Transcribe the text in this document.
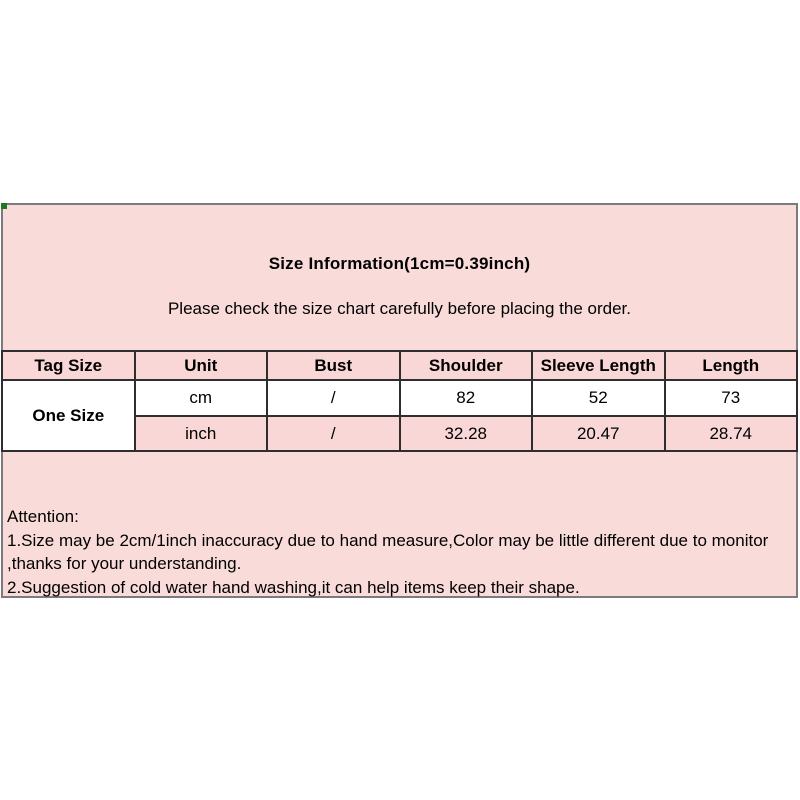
Size Information(1cm=0.39inch)
Please check the size chart carefully before placing the order.
Tag Size	Unit	Bust	Shoulder	Sleeve Length	Length
One Size	cm	/	82	52	73
	inch	/	32.28	20.47	28.74

Attention:

1.Size may be 2cm/1inch inaccuracy due to hand measure,Color may be little different due to monitor ,thanks for your understanding.

2.Suggestion of cold water hand washing,it can help items keep their shape.
